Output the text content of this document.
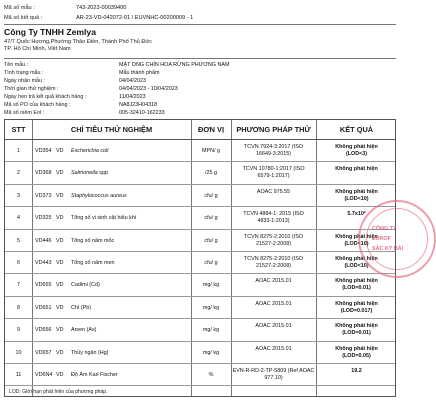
Mã số mẫu :	743-2023-00039400
Mã số kết quả :	AR-23-VD-042072-01 / EUVNHC-00200009 - 1
Công Ty TNHH Zemlya
47/7 Quốc Hương,Phường Thảo Điền, Thành Phố Thủ Đức
TP. Hồ Chí Minh, Việt Nam
Tên mẫu :	MẬT ONG CHÍN HOA RỪNG PHƯƠNG NAM
Tình trạng mẫu :	Mẫu thành phẩm
Ngày nhận mẫu :	04/04/2023
Thời gian thử nghiệm :	04/04/2023 - 10/04/2023
Ngày hẹn trả kết quả khách hàng :	11/04/2023
Mã số PO của khách hàng :	NA8J23H04318
Mã số niêm Eol :	005-32410-162233
STT	CHỈ TIÊU THỬ NGHIỆM	ĐƠN VỊ	PHƯƠNG PHÁP THỬ	KẾT QUẢ
1	VD354 VD Escherichia coli	MPN/ g
TCVN 7924-3:2017 (ISO
16649-3:2015)
Không phát hiện
(LOD<3)
2	VD368 VD Salmonella spp.	/25 g
TCVN 10780-1:2017 (ISO
6579-1:2017)
Không phát hiện
3	VD373 VD Staphylococcus aureus	cfu/ g
AOAC 975.55	Không phát hiện
(LOD<10)
4	VD325 VD Tổng số vi sinh vật hiếu khí	cfu/ g
TCVN 4884-1: 2015 (ISO
4833-1:2013)
5.7x10²
5	VD446 VD Tổng số nấm mốc	cfu/ g
TCVN 8275-2:2010 (ISO
21527-2:2008)
Không phát hiện
(LOD<10)
6	VD443 VD Tổng số nấm men	cfu/ g
TCVN 8275-2:2010 (ISO
21527-2:2008)
Không phát hiện
(LOD<10)
7	VD655 VD Cadimi (Cd)	mg/ kg
AOAC 2015.01	Không phát hiện
(LOD=0.01)
8	VD651 VD Chì (Pb)	mg/ kg
AOAC 2015.01	Không phát hiện
(LOD=0.017)
9	VD656 VD Arsen (As)	mg/ kg
AOAC 2015.01	Không phát hiện
(LOD=0.01)
10	VD657 VD Thủy ngân (Hg)	mg/ kg
AOAC 2015.01	Không phát hiện
(LOD=0.05)
11	VD6N4 VD Độ Ẩm Karl Fischer	%
EVN-R-RD-2-TP-5809 (Ref AOAC
977.10)
19.2
LOD: Giới hạn phát hiện của phương pháp.
CÔNG TY
EUROF
SÁC KÝ HẢI
